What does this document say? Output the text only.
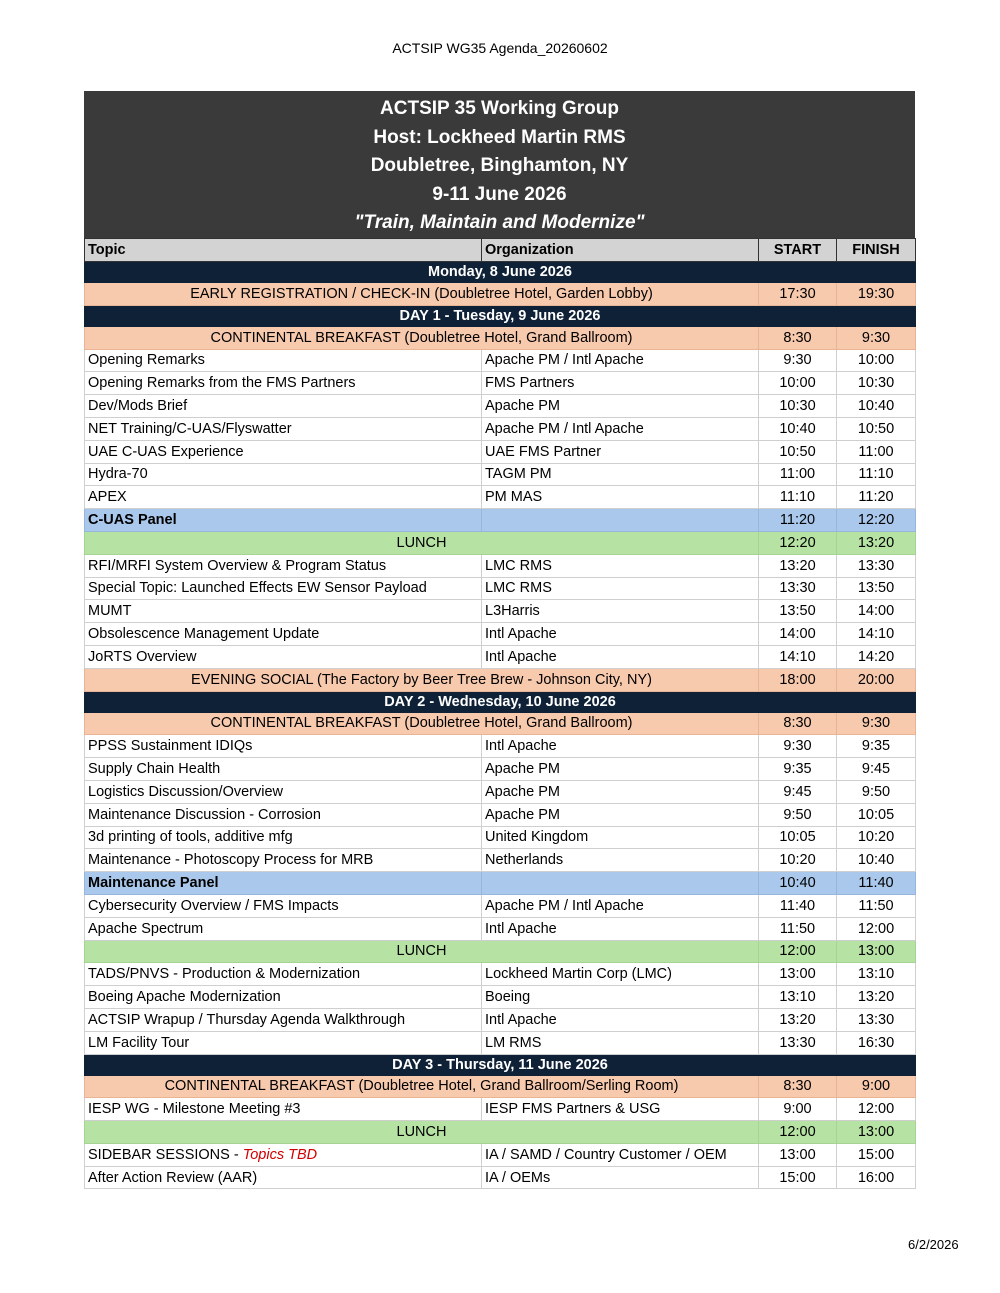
ACTSIP WG35 Agenda_20260602
ACTSIP 35 Working Group
Host: Lockheed Martin RMS
Doubletree, Binghamton, NY
9-11 June 2026
"Train, Maintain and Modernize"
Topic	Organization	START	FINISH
Monday, 8 June 2026			
EARLY REGISTRATION / CHECK-IN (Doubletree Hotel, Garden Lobby)		17:30	19:30
DAY 1 - Tuesday, 9 June 2026			
CONTINENTAL BREAKFAST (Doubletree Hotel, Grand Ballroom)		8:30	9:30
Opening Remarks	Apache PM / Intl Apache	9:30	10:00
Opening Remarks from the FMS Partners	FMS Partners	10:00	10:30
Dev/Mods Brief	Apache PM	10:30	10:40
NET Training/C-UAS/Flyswatter	Apache PM / Intl Apache	10:40	10:50
UAE C-UAS Experience	UAE FMS Partner	10:50	11:00
Hydra-70	TAGM PM	11:00	11:10
APEX	PM MAS	11:10	11:20
C-UAS Panel		11:20	12:20
LUNCH		12:20	13:20
RFI/MRFI System Overview & Program Status	LMC RMS	13:20	13:30
Special Topic: Launched Effects EW Sensor Payload	LMC RMS	13:30	13:50
MUMT	L3Harris	13:50	14:00
Obsolescence Management Update	Intl Apache	14:00	14:10
JoRTS Overview	Intl Apache	14:10	14:20
EVENING SOCIAL (The Factory by Beer Tree Brew - Johnson City, NY)		18:00	20:00
DAY 2 - Wednesday, 10 June 2026			
CONTINENTAL BREAKFAST (Doubletree Hotel, Grand Ballroom)		8:30	9:30
PPSS Sustainment IDIQs	Intl Apache	9:30	9:35
Supply Chain Health	Apache PM	9:35	9:45
Logistics Discussion/Overview	Apache PM	9:45	9:50
Maintenance Discussion - Corrosion	Apache PM	9:50	10:05
3d printing of tools, additive mfg	United Kingdom	10:05	10:20
Maintenance - Photoscopy Process for MRB	Netherlands	10:20	10:40
Maintenance Panel		10:40	11:40
Cybersecurity Overview / FMS Impacts	Apache PM / Intl Apache	11:40	11:50
Apache Spectrum	Intl Apache	11:50	12:00
LUNCH		12:00	13:00
TADS/PNVS - Production & Modernization	Lockheed Martin Corp (LMC)	13:00	13:10
Boeing Apache Modernization	Boeing	13:10	13:20
ACTSIP Wrapup / Thursday Agenda Walkthrough	Intl Apache	13:20	13:30
LM Facility Tour	LM RMS	13:30	16:30
DAY 3 - Thursday, 11 June 2026			
CONTINENTAL BREAKFAST (Doubletree Hotel, Grand Ballroom/Serling Room)		8:30	9:00
IESP WG - Milestone Meeting #3	IESP FMS Partners & USG	9:00	12:00
LUNCH		12:00	13:00
SIDEBAR SESSIONS - Topics TBD	IA / SAMD / Country Customer / OEM	13:00	15:00
After Action Review (AAR)	IA / OEMs	15:00	16:00
6/2/2026
